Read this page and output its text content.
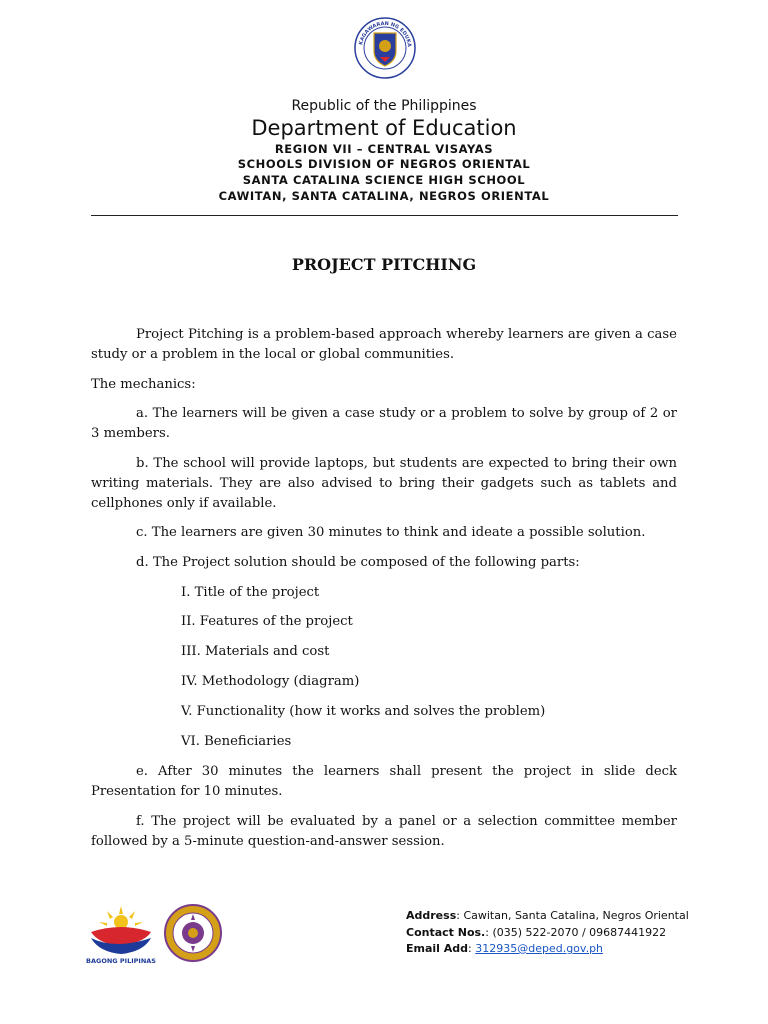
KAGAWARAN NG EDUKA
Republic of the Philippines
Department of Education
REGION VII – CENTRAL VISAYAS
SCHOOLS DIVISION OF NEGROS ORIENTAL
SANTA CATALINA SCIENCE HIGH SCHOOL
CAWITAN, SANTA CATALINA, NEGROS ORIENTAL
PROJECT PITCHING
Project Pitching is a problem-based approach whereby learners are given a case study or a problem in the local or global communities.
The mechanics:
a. The learners will be given a case study or a problem to solve by group of 2 or 3 members.
b. The school will provide laptops, but students are expected to bring their own writing materials. They are also advised to bring their gadgets such as tablets and cellphones only if available.
c. The learners are given 30 minutes to think and ideate a possible solution.
d. The Project solution should be composed of the following parts:
I. Title of the project
II. Features of the project
III. Materials and cost
IV. Methodology (diagram)
V. Functionality (how it works and solves the problem)
VI. Beneficiaries
e. After 30 minutes the learners shall present the project in slide deck Presentation for 10 minutes.
f. The project will be evaluated by a panel or a selection committee member followed by a 5-minute question-and-answer session.
BAGONG PILIPINAS
Address: Cawitan, Santa Catalina, Negros Oriental
Contact Nos.: (035) 522-2070 / 09687441922
Email Add: 312935@deped.gov.ph
